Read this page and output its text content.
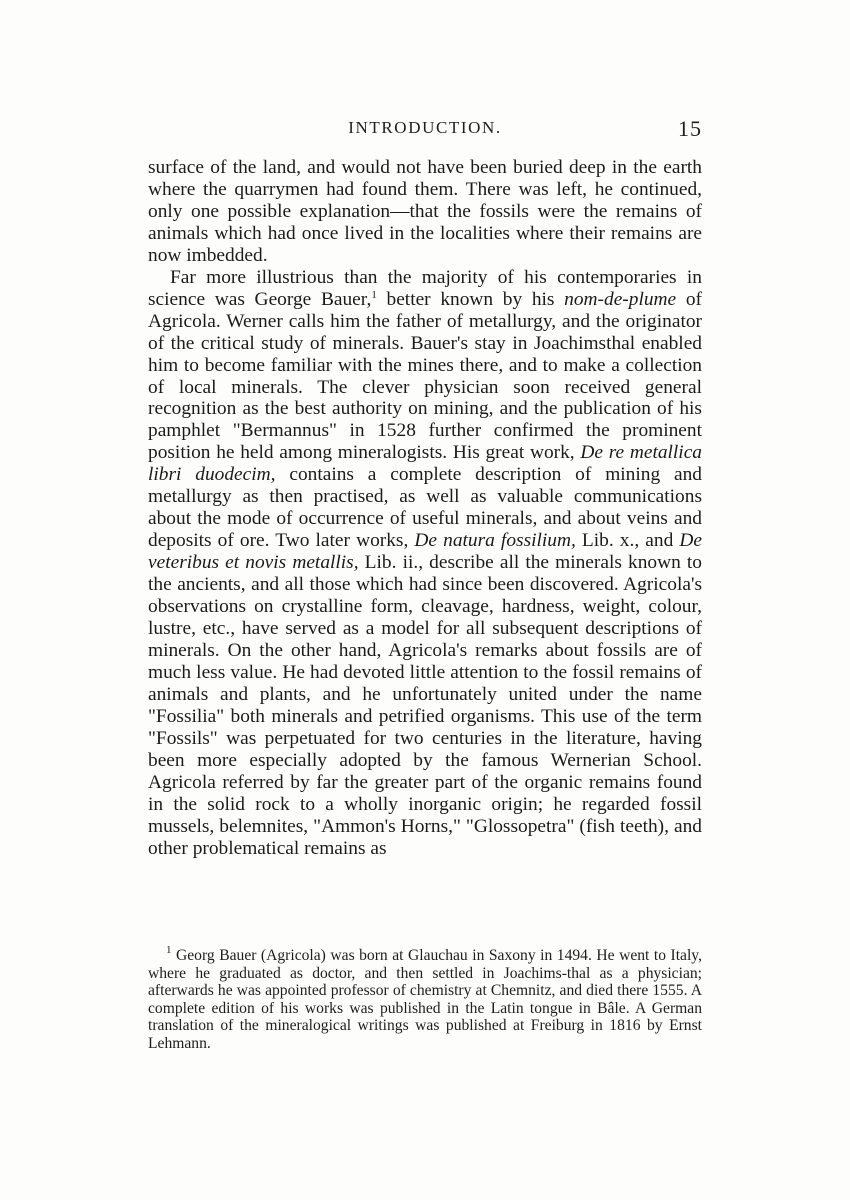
INTRODUCTION.	15

surface of the land, and would not have been buried deep in the earth where the quarrymen had found them. There was left, he continued, only one possible explanation—that the fossils were the remains of animals which had once lived in the localities where their remains are now imbedded.

Far more illustrious than the majority of his contemporaries in science was George Bauer,$^1$ better known by his nom-de-plume of Agricola. Werner calls him the father of metallurgy, and the originator of the critical study of minerals. Bauer's stay in Joachimsthal enabled him to become familiar with the mines there, and to make a collection of local minerals. The clever physician soon received general recognition as the best authority on mining, and the publication of his pamphlet "Bermannus" in 1528 further confirmed the prominent position he held among mineralogists. His great work, De re metallica libri duodecim, contains a complete description of mining and metallurgy as then practised, as well as valuable communications about the mode of occurrence of useful minerals, and about veins and deposits of ore. Two later works, De natura fossilium, Lib. x., and De veteribus et novis metallis, Lib. ii., describe all the minerals known to the ancients, and all those which had since been discovered. Agricola's observations on crystalline form, cleavage, hardness, weight, colour, lustre, etc., have served as a model for all subsequent descriptions of minerals. On the other hand, Agricola's remarks about fossils are of much less value. He had devoted little attention to the fossil remains of animals and plants, and he unfortunately united under the name "Fossilia" both minerals and petrified organisms. This use of the term "Fossils" was perpetuated for two centuries in the literature, having been more especially adopted by the famous Wernerian School. Agricola referred by far the greater part of the organic remains found in the solid rock to a wholly inorganic origin; he regarded fossil mussels, belemnites, "Ammon's Horns," "Glossopetra" (fish teeth), and other problematical remains as

$^1$ Georg Bauer (Agricola) was born at Glauchau in Saxony in 1494. He went to Italy, where he graduated as doctor, and then settled in Joachims-thal as a physician; afterwards he was appointed professor of chemistry at Chemnitz, and died there 1555. A complete edition of his works was published in the Latin tongue in Bâle. A German translation of the mineralogical writings was published at Freiburg in 1816 by Ernst Lehmann.
